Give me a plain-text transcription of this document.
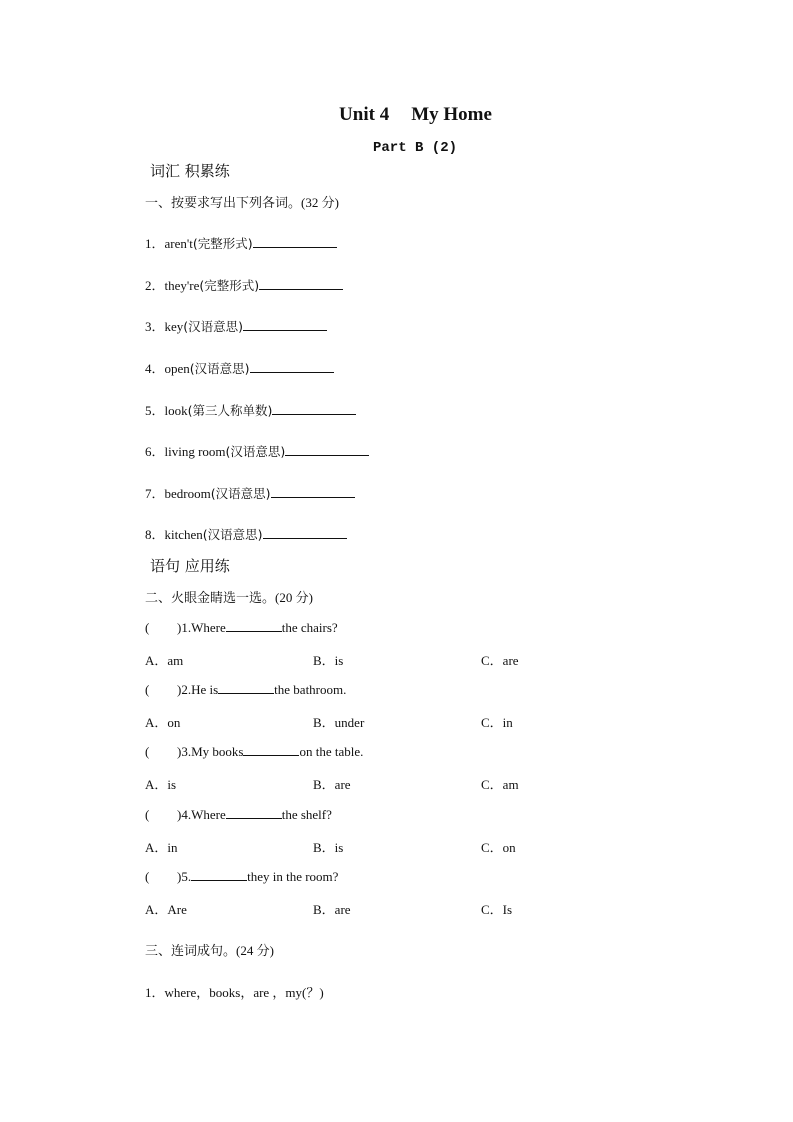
Unit 4 My Home
Part B (2)
词汇 积累练
一、按要求写出下列各词。(32 分)
1．aren't(完整形式)
2．they're(完整形式)
3．key(汉语意思)
4．open(汉语意思)
5．look(第三人称单数)
6．living room(汉语意思)
7．bedroom(汉语意思)
8．kitchen(汉语意思)
语句 应用练
二、火眼金睛选一选。(20 分)
( )1.Where	the chairs?
A．am	B．is	C．are
( )2.He is	the bathroom.
A．on	B．under	C．in
( )3.My books	on the table.
A．is	B．are	C．am
( )4.Where	the shelf?
A．in	B．is	C．on
( )5.	they in the room?
A．Are	B．are	C．Is
三、连词成句。(24 分)
1．where，books，are ，my(？)
